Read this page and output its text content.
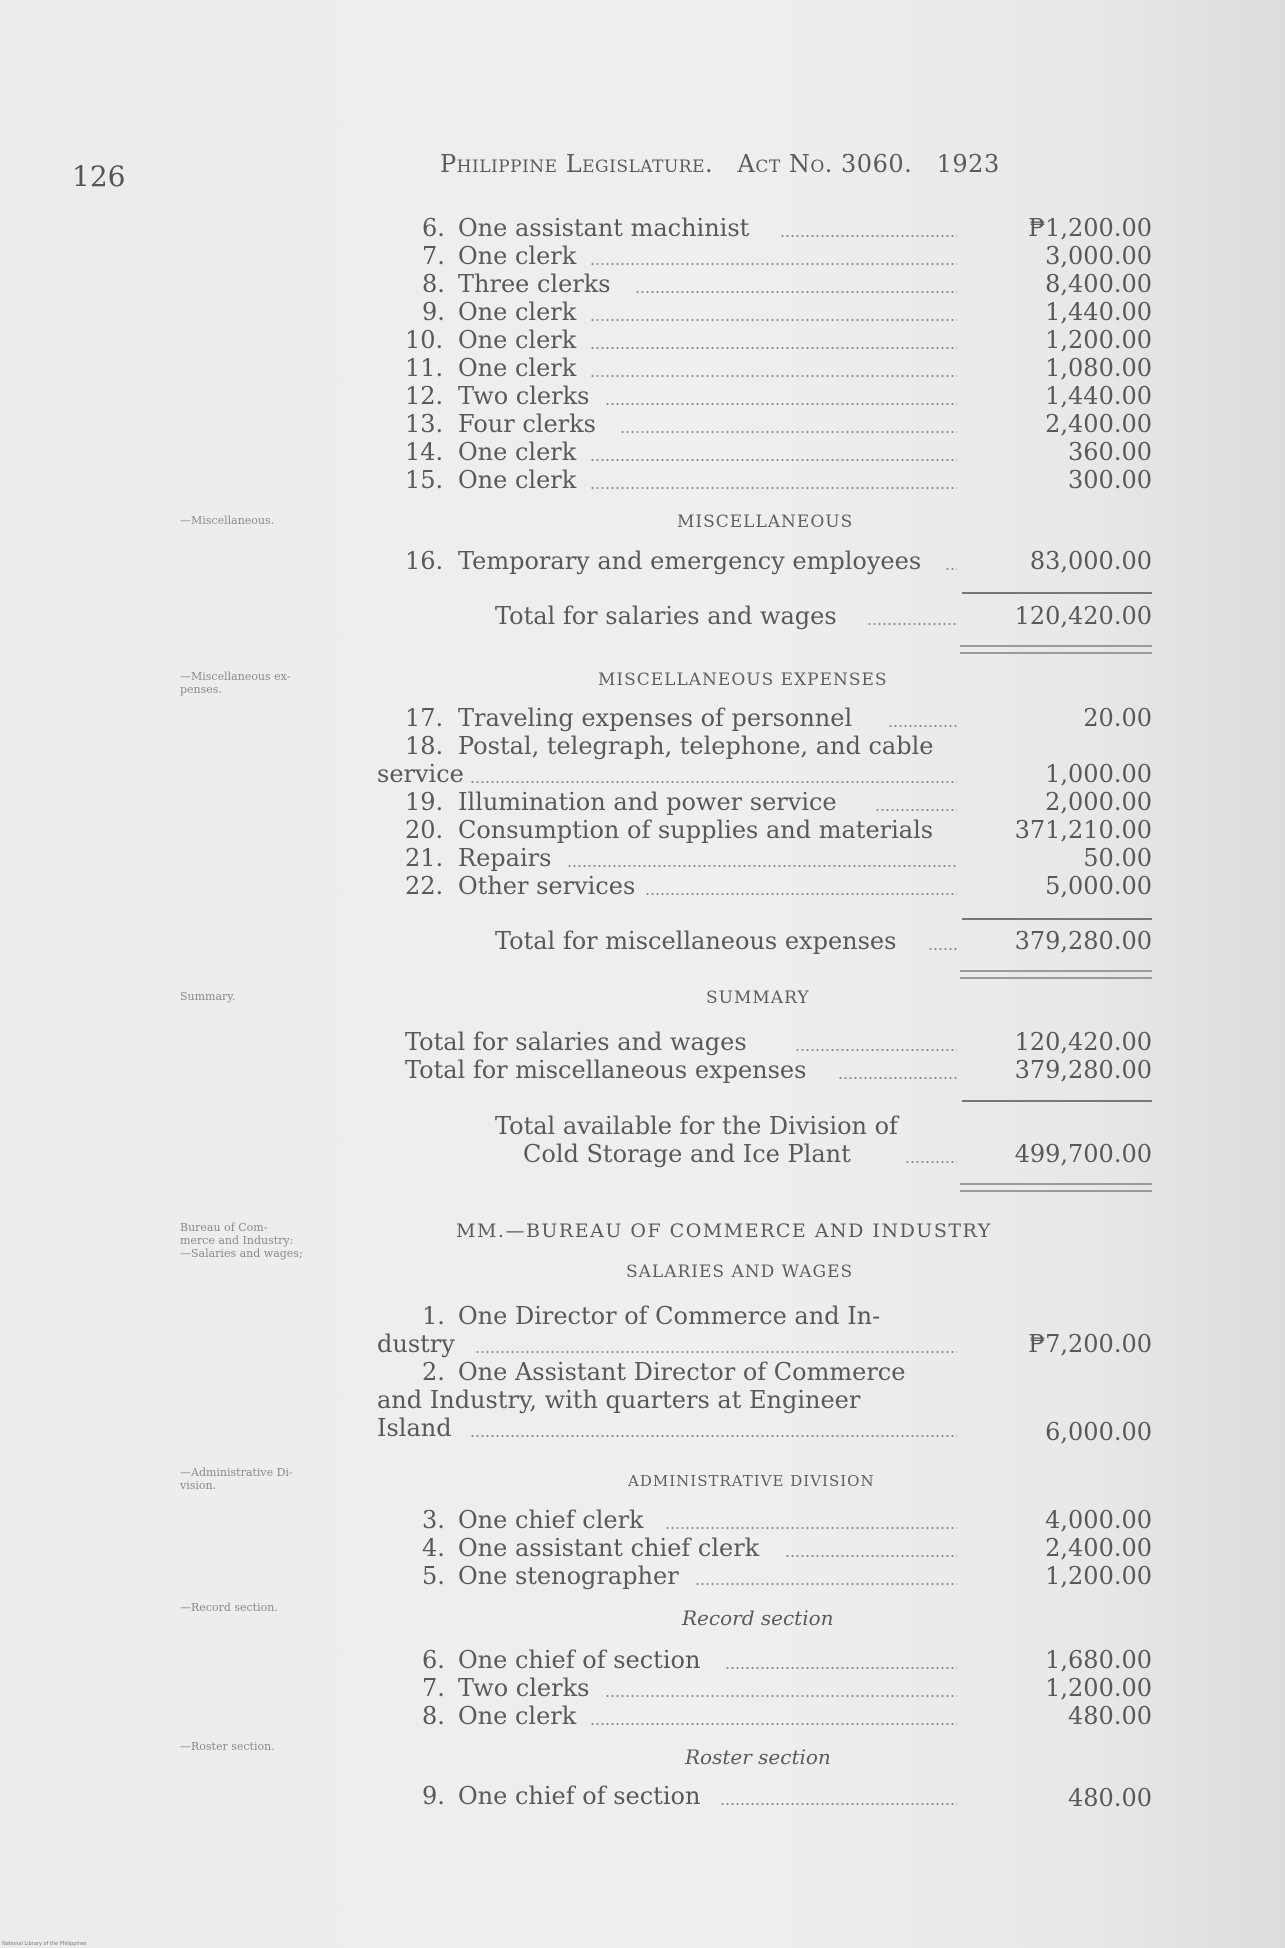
126	Philippine Legislature. Act No. 3060. 1923
6. One assistant machinist	₱1,200.00
7. One clerk	3,000.00
8. Three clerks	8,400.00
9. One clerk	1,440.00
10. One clerk	1,200.00
11. One clerk	1,080.00
12. Two clerks	1,440.00
13. Four clerks	2,400.00
14. One clerk	360.00
15. One clerk	300.00
—Miscellaneous.	MISCELLANEOUS
16. Temporary and emergency employees	83,000.00
Total for salaries and wages	120,420.00
—Miscellaneous ex-
penses.	MISCELLANEOUS EXPENSES
17. Traveling expenses of personnel	20.00
18. Postal, telegraph, telephone, and cable
service	1,000.00
19. Illumination and power service	2,000.00
20. Consumption of supplies and materials	371,210.00
21. Repairs	50.00
22. Other services	5,000.00
Total for miscellaneous expenses	379,280.00
Summary.	SUMMARY
Total for salaries and wages	120,420.00
Total for miscellaneous expenses	379,280.00
Total available for the Division of
Cold Storage and Ice Plant	499,700.00
Bureau of Com-
merce and Industry:
—Salaries and wages;
MM.—BUREAU OF COMMERCE AND INDUSTRY
SALARIES AND WAGES
1. One Director of Commerce and In-
dustry	₱7,200.00
2. One Assistant Director of Commerce
and Industry, with quarters at Engineer
Island	6,000.00
—Administrative Di-
vision.	ADMINISTRATIVE DIVISION
3. One chief clerk	4,000.00
4. One assistant chief clerk	2,400.00
5. One stenographer	1,200.00
—Record section.	Record section
6. One chief of section	1,680.00
7. Two clerks	1,200.00
8. One clerk	480.00
—Roster section.	Roster section
9. One chief of section	480.00
National Library of the Philippines
